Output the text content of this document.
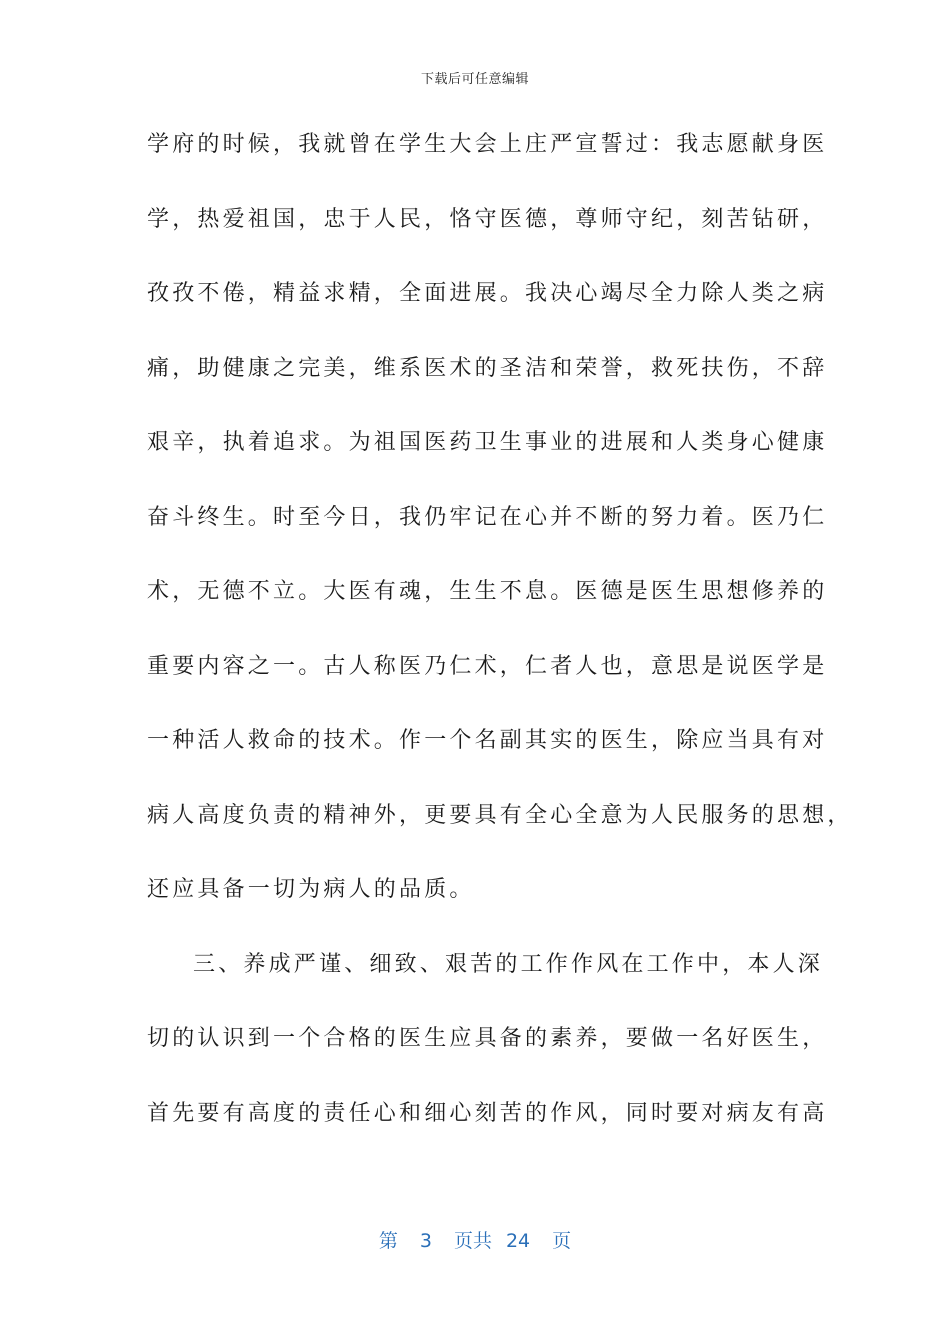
下载后可任意编辑
学府的时候，我就曾在学生大会上庄严宣誓过：我志愿献身医
学，热爱祖国，忠于人民，恪守医德，尊师守纪，刻苦钻研，
孜孜不倦，精益求精，全面进展。我决心竭尽全力除人类之病
痛，助健康之完美，维系医术的圣洁和荣誉，救死扶伤，不辞
艰辛，执着追求。为祖国医药卫生事业的进展和人类身心健康
奋斗终生。时至今日，我仍牢记在心并不断的努力着。医乃仁
术，无德不立。大医有魂，生生不息。医德是医生思想修养的
重要内容之一。古人称医乃仁术，仁者人也，意思是说医学是
一种活人救命的技术。作一个名副其实的医生，除应当具有对
病人高度负责的精神外，更要具有全心全意为人民服务的思想，
还应具备一切为病人的品质。
三、养成严谨、细致、艰苦的工作作风在工作中，本人深
切的认识到一个合格的医生应具备的素养，要做一名好医生，
首先要有高度的责任心和细心刻苦的作风，同时要对病友有高
第 3 页共 24 页
